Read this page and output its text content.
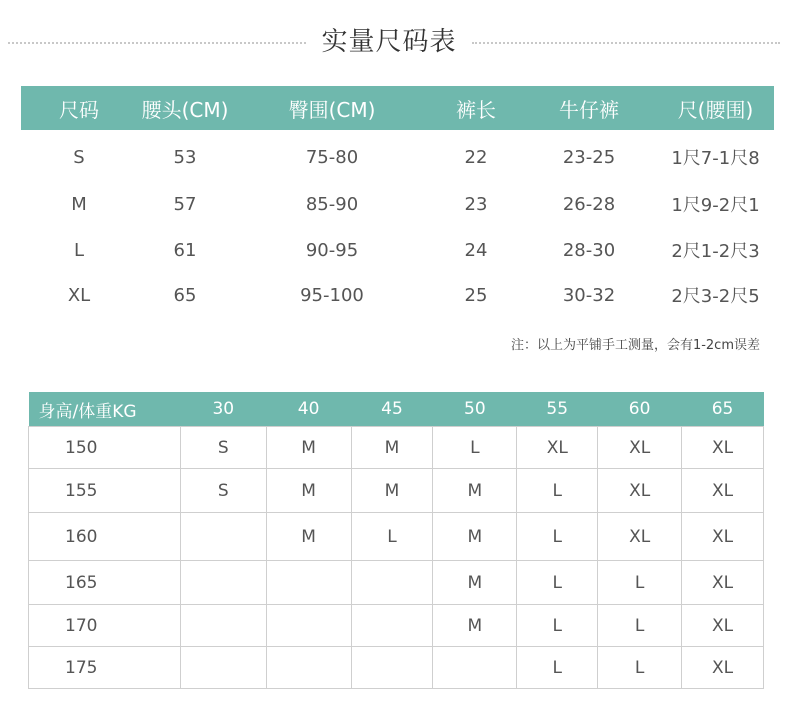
实量尺码表
尺码	腰头(CM)	臀围(CM)	裤长	牛仔裤	尺(腰围)
S	53	75-80	22	23-25	1尺7-1尺8
M	57	85-90	23	26-28	1尺9-2尺1
L	61	90-95	24	28-30	2尺1-2尺3
XL	65	95-100	25	30-32	2尺3-2尺5
注：以上为平铺手工测量，会有1-2cm误差
身高/体重KG	30	40	45	50	55	60	65
150	S	M	M	L	XL	XL	XL
155	S	M	M	M	L	XL	XL
160		M	L	M	L	XL	XL
165				M	L	L	XL
170				M	L	L	XL
175					L	L	XL
